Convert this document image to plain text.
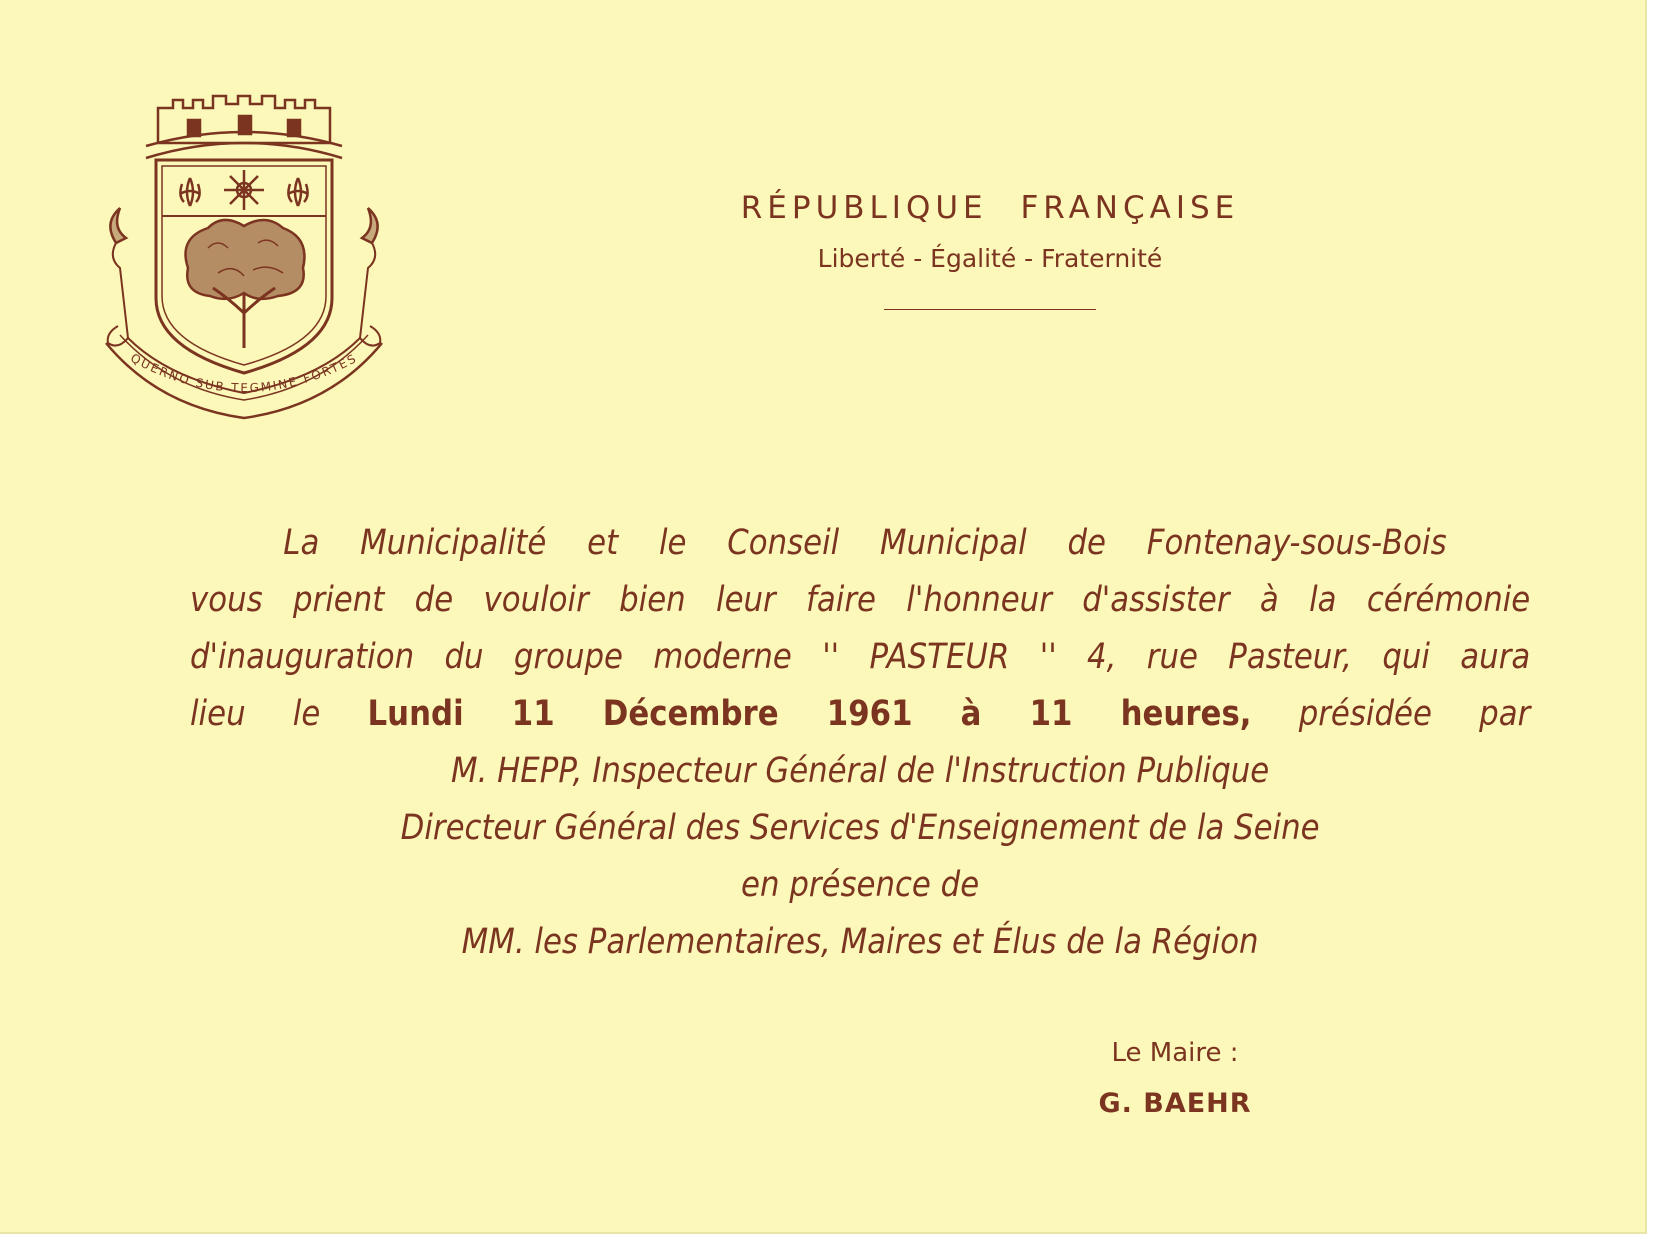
QUERNO SUB TEGMINE FORTES
RÉPUBLIQUE FRANÇAISE
Liberté - Égalité - Fraternité
La Municipalité et le Conseil Municipal de Fontenay-sous-Bois
vous prient de vouloir bien leur faire l'honneur d'assister à la cérémonie
d'inauguration du groupe moderne '' PASTEUR '' 4, rue Pasteur, qui aura
lieu le Lundi 11 Décembre 1961 à 11 heures, présidée par
M. HEPP, Inspecteur Général de l'Instruction Publique
Directeur Général des Services d'Enseignement de la Seine
en présence de
MM. les Parlementaires, Maires et Élus de la Région
Le Maire :
G. BAEHR
